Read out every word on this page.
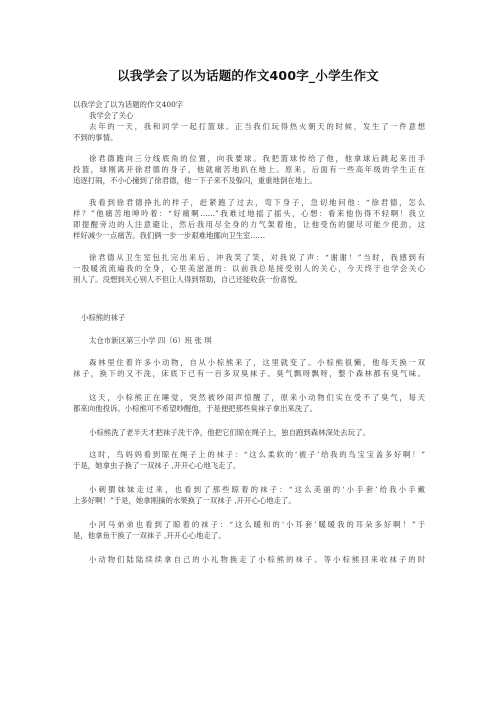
以我学会了以为话题的作文400字_小学生作文
以我学会了以为话题的作文400字
我学会了关心
去年的一天，我和同学一起打篮球。正当我们玩得热火朝天的时候，发生了一件意想
不到的事情。
徐君德跑向三分线底角的位置，向我要球。我把篮球传给了他，他拿球后跳起来出手
投篮，球刚离开徐君德的身子，他就痛苦地趴在地上。原来，后面有一些高年级的学生正在
追逐打闹，不小心撞到了徐君德，他一下子来不及躲闪，重重地倒在地上。
我看到徐君德挣扎的样子，赶紧跑了过去，弯下身子，急切地问他：“徐君德，怎么
样？”他痛苦地呻吟着：“好痛啊……”我难过地摇了摇头，心想：看来他伤得不轻啊！我立
即提醒旁边的人注意避让，然后我用尽全身的力气架着他，让他受伤的腿尽可能少使劲，这
样好减少一点痛苦。我们俩一步一步艰难地挪向卫生室……
徐君德从卫生室包扎完出来后，冲我笑了笑，对我说了声：“谢谢！”当时，我感到有
一股暖流流遍我的全身，心里美滋滋的：以前我总是接受别人的关心，今天终于也学会关心
别人了。没想到关心别人不但让人得到帮助，自己还能收获一份喜悦。
小棕熊的袜子
太仓市新区第三小学 四（6）班 张 琪
森林里住着许多小动物，自从小棕熊来了，这里就变了。小棕熊很懒，他每天换一双
袜子，换下的又不洗，床底下已有一百多双臭袜子。臭气飘呀飘呀，整个森林都有臭气味。
这天，小棕熊正在睡觉，突然被吵闹声惊醒了，原来小动物们实在受不了臭气，每天
都来向他投诉。小棕熊可不希望吵醒他，于是便把那些臭袜子拿出来洗了。
小棕熊洗了老半天才把袜子洗干净，他把它们晾在绳子上，独自跑到森林深处去玩了。
这时，鸟妈妈看到晾在绳子上的袜子：“这么柔软的‘被子’给我的鸟宝宝盖多好啊！”
于是，她拿虫子换了一双袜子 ,开开心心地飞走了。
小刺猬妹妹走过来，也看到了那些晾着的袜子：“这么美丽的‘小手套’给我小手戴
上多好啊！”于是，她拿刚摘的水果换了一双袜子 ,开开心心地走了。
小河马弟弟也看到了晾着的袜子：“这么暖和的‘小耳套’暖暖我的耳朵多好啊！”于
是，他拿鱼干换了一双袜子 ,开开心心地走了。
小动物们陆陆续续拿自己的小礼物换走了小棕熊的袜子。等小棕熊回来收袜子的时
